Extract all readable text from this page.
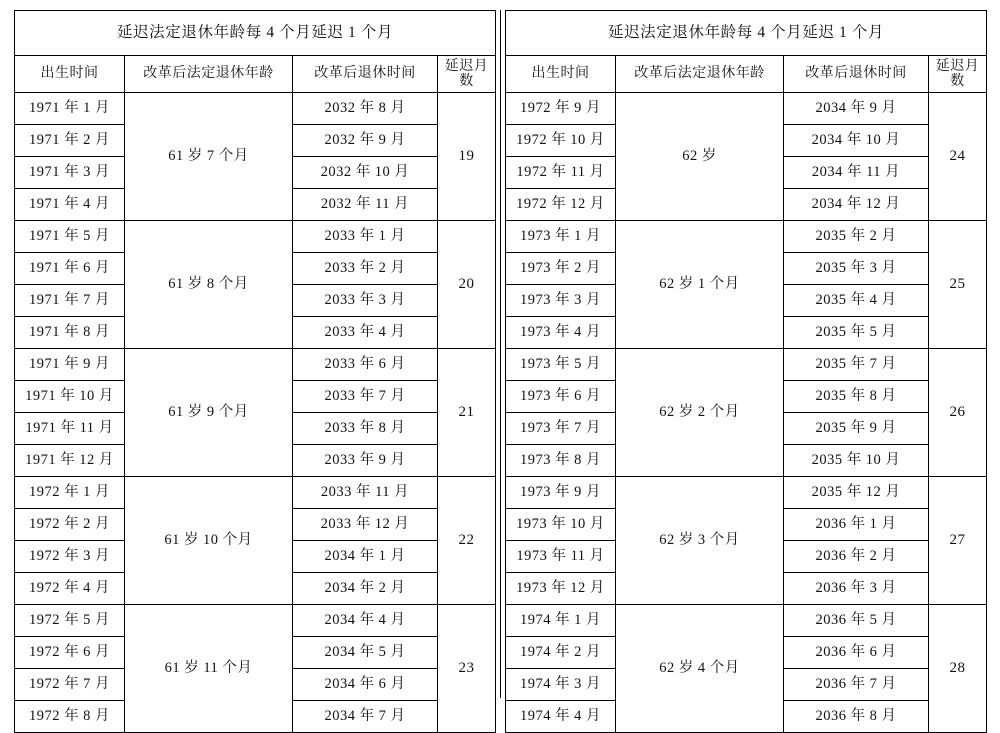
延迟法定退休年龄每 4 个月延迟 1 个月			
出生时间	改革后法定退休年龄	改革后退休时间	延迟月数
1971 年 1 月	61 岁 7 个月	2032 年 8 月	19
1971 年 2 月		2032 年 9 月	
1971 年 3 月		2032 年 10 月	
1971 年 4 月		2032 年 11 月	
1971 年 5 月	61 岁 8 个月	2033 年 1 月	20
1971 年 6 月		2033 年 2 月	
1971 年 7 月		2033 年 3 月	
1971 年 8 月		2033 年 4 月	
1971 年 9 月	61 岁 9 个月	2033 年 6 月	21
1971 年 10 月		2033 年 7 月	
1971 年 11 月		2033 年 8 月	
1971 年 12 月		2033 年 9 月	
1972 年 1 月	61 岁 10 个月	2033 年 11 月	22
1972 年 2 月		2033 年 12 月	
1972 年 3 月		2034 年 1 月	
1972 年 4 月		2034 年 2 月	
1972 年 5 月	61 岁 11 个月	2034 年 4 月	23
1972 年 6 月		2034 年 5 月	
1972 年 7 月		2034 年 6 月	
1972 年 8 月		2034 年 7 月	
延迟法定退休年龄每 4 个月延迟 1 个月			
出生时间	改革后法定退休年龄	改革后退休时间	延迟月数
1972 年 9 月	62 岁	2034 年 9 月	24
1972 年 10 月		2034 年 10 月	
1972 年 11 月		2034 年 11 月	
1972 年 12 月		2034 年 12 月	
1973 年 1 月	62 岁 1 个月	2035 年 2 月	25
1973 年 2 月		2035 年 3 月	
1973 年 3 月		2035 年 4 月	
1973 年 4 月		2035 年 5 月	
1973 年 5 月	62 岁 2 个月	2035 年 7 月	26
1973 年 6 月		2035 年 8 月	
1973 年 7 月		2035 年 9 月	
1973 年 8 月		2035 年 10 月	
1973 年 9 月	62 岁 3 个月	2035 年 12 月	27
1973 年 10 月		2036 年 1 月	
1973 年 11 月		2036 年 2 月	
1973 年 12 月		2036 年 3 月	
1974 年 1 月	62 岁 4 个月	2036 年 5 月	28
1974 年 2 月		2036 年 6 月	
1974 年 3 月		2036 年 7 月	
1974 年 4 月		2036 年 8 月	
